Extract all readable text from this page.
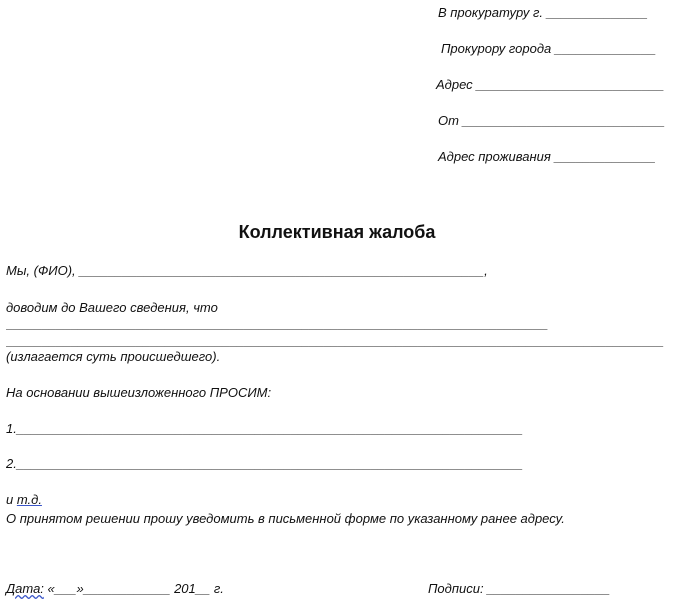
В прокуратуру г. ______________
Прокурору города ______________
Адрес __________________________
От ____________________________
Адрес проживания ______________
Коллективная жалоба
Мы, (ФИО), ________________________________________________________,
доводим до Вашего сведения, что
___________________________________________________________________________
___________________________________________________________________________________________
(излагается суть происшедшего).
На основании вышеизложенного ПРОСИМ:
1.______________________________________________________________________
2.______________________________________________________________________
и т.д.
О принятом решении прошу уведомить в письменной форме по указанному ранее адресу.
Дата: «___»____________ 201__ г.	Подписи: _________________
